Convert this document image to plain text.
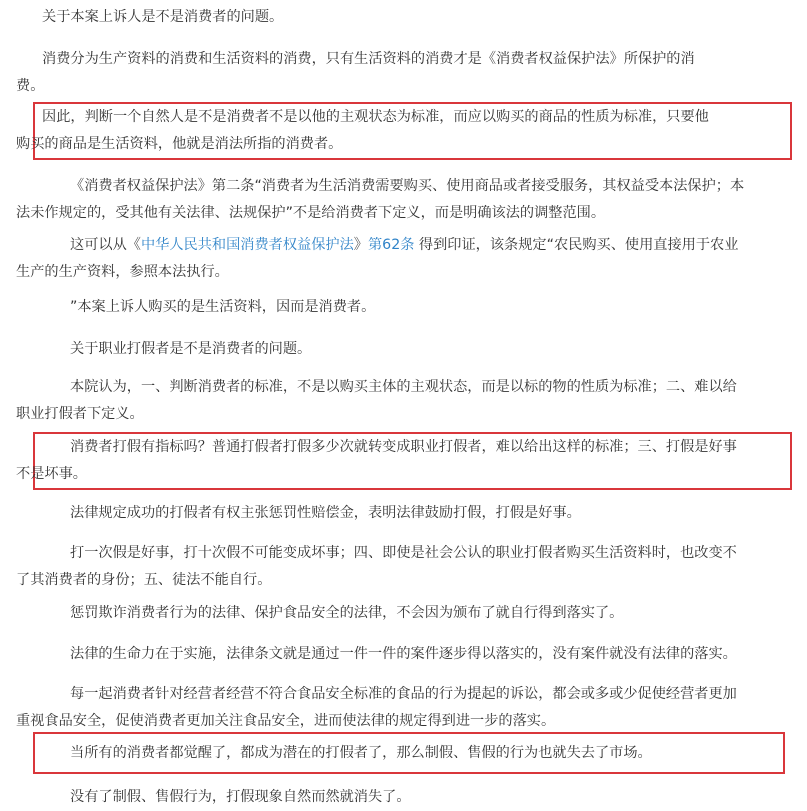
关于本案上诉人是不是消费者的问题。

消费分为生产资料的消费和生活资料的消费，只有生活资料的消费才是《消费者权益保护法》所保护的消
费。

因此，判断一个自然人是不是消费者不是以他的主观状态为标准，而应以购买的商品的性质为标准，只要他
购买的商品是生活资料，他就是消法所指的消费者。

《消费者权益保护法》第二条“消费者为生活消费需要购买、使用商品或者接受服务，其权益受本法保护；本
法未作规定的，受其他有关法律、法规保护”不是给消费者下定义，而是明确该法的调整范围。

这可以从《中华人民共和国消费者权益保护法》第62条 得到印证，该条规定“农民购买、使用直接用于农业
生产的生产资料，参照本法执行。

”本案上诉人购买的是生活资料，因而是消费者。

关于职业打假者是不是消费者的问题。

本院认为，一、判断消费者的标准，不是以购买主体的主观状态，而是以标的物的性质为标准；二、难以给
职业打假者下定义。

消费者打假有指标吗？普通打假者打假多少次就转变成职业打假者，难以给出这样的标准；三、打假是好事
不是坏事。

法律规定成功的打假者有权主张惩罚性赔偿金，表明法律鼓励打假，打假是好事。

打一次假是好事，打十次假不可能变成坏事；四、即使是社会公认的职业打假者购买生活资料时，也改变不
了其消费者的身份；五、徒法不能自行。

惩罚欺诈消费者行为的法律、保护食品安全的法律，不会因为颁布了就自行得到落实了。

法律的生命力在于实施，法律条文就是通过一件一件的案件逐步得以落实的，没有案件就没有法律的落实。

每一起消费者针对经营者经营不符合食品安全标准的食品的行为提起的诉讼，都会或多或少促使经营者更加
重视食品安全，促使消费者更加关注食品安全，进而使法律的规定得到进一步的落实。

当所有的消费者都觉醒了，都成为潜在的打假者了，那么制假、售假的行为也就失去了市场。

没有了制假、售假行为，打假现象自然而然就消失了。
